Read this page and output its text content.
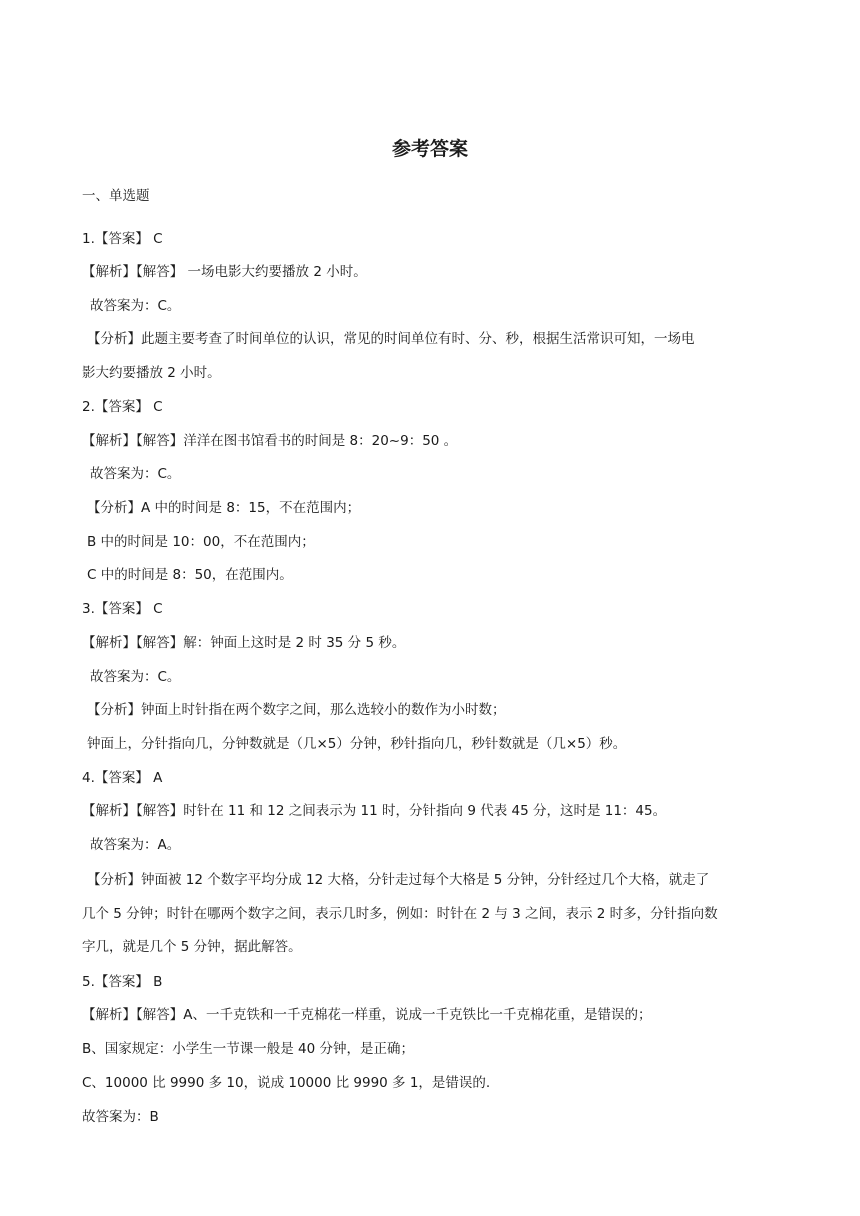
参考答案
一、单选题
1.【答案】 C
【解析】【解答】 一场电影大约要播放 2 小时。
故答案为：C。
【分析】此题主要考查了时间单位的认识，常见的时间单位有时、分、秒，根据生活常识可知，一场电
影大约要播放 2 小时。
2.【答案】 C
【解析】【解答】洋洋在图书馆看书的时间是 8：20~9：50 。
故答案为：C。
【分析】A 中的时间是 8：15，不在范围内；
B 中的时间是 10：00，不在范围内；
C 中的时间是 8：50，在范围内。
3.【答案】 C
【解析】【解答】解：钟面上这时是 2 时 35 分 5 秒。
故答案为：C。
【分析】钟面上时针指在两个数字之间，那么选较小的数作为小时数；
钟面上，分针指向几，分钟数就是（几×5）分钟，秒针指向几，秒针数就是（几×5）秒。
4.【答案】 A
【解析】【解答】时针在 11 和 12 之间表示为 11 时，分针指向 9 代表 45 分，这时是 11：45。
故答案为：A。
【分析】钟面被 12 个数字平均分成 12 大格，分针走过每个大格是 5 分钟，分针经过几个大格，就走了
几个 5 分钟；时针在哪两个数字之间，表示几时多，例如：时针在 2 与 3 之间，表示 2 时多，分针指向数
字几，就是几个 5 分钟，据此解答。
5.【答案】 B
【解析】【解答】A、一千克铁和一千克棉花一样重，说成一千克铁比一千克棉花重，是错误的；
B、国家规定：小学生一节课一般是 40 分钟，是正确；
C、10000 比 9990 多 10，说成 10000 比 9990 多 1，是错误的.
故答案为：B
